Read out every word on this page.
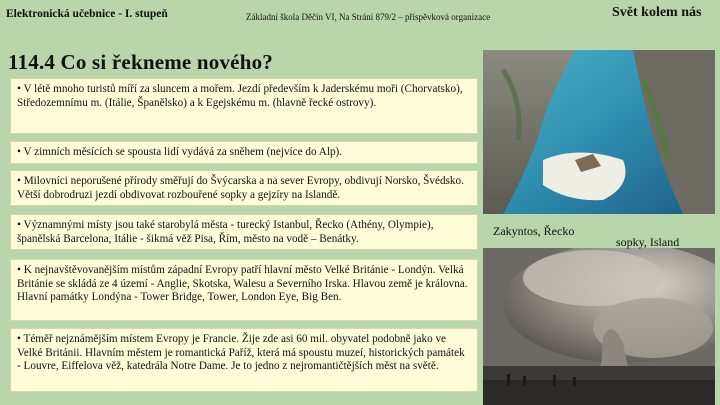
Elektronická učebnice - I. stupeň	Základní škola Děčín VI, Na Stráni 879/2 – příspěvková organizace	Svět kolem nás
114.4 Co si řekneme nového?
• V létě mnoho turistů míří za sluncem a mořem. Jezdí především k Jaderskému moři (Chorvatsko), Středozemnímu m. (Itálie, Španělsko) a k Egejskému m. (hlavně řecké ostrovy).
• V zimních měsících se spousta lidí vydává za sněhem (nejvíce do Alp).
• Milovníci neporušené přírody směřují do Švýcarska a na sever Evropy, obdivují Norsko, Švédsko. Větší dobrodruzi jezdí obdivovat rozbouřené sopky a gejzíry na Islandě.
• Významnými místy jsou také starobylá města - turecký Istanbul, Řecko (Athény, Olympie), španělská Barcelona, Itálie - šikmá věž Pisa, Řím, město na vodě – Benátky.
• K nejnavštěvovanějším místům západní Evropy patří hlavní město Velké Británie - Londýn. Velká Británie se skládá ze 4 území - Anglie, Skotska, Walesu a Severního Irska. Hlavou země je královna. Hlavní památky Londýna - Tower Bridge, Tower, London Eye, Big Ben.
• Téměř nejznámějším místem Evropy je Francie. Žije zde asi 60 mil. obyvatel podobně jako ve Velké Británii. Hlavním městem je romantická Paříž, která má spoustu muzeí, historických památek - Louvre, Eiffelova věž, katedrála Notre Dame. Je to jedno z nejromantičtějších měst na světě.
Zakyntos, Řecko
sopky, Island
